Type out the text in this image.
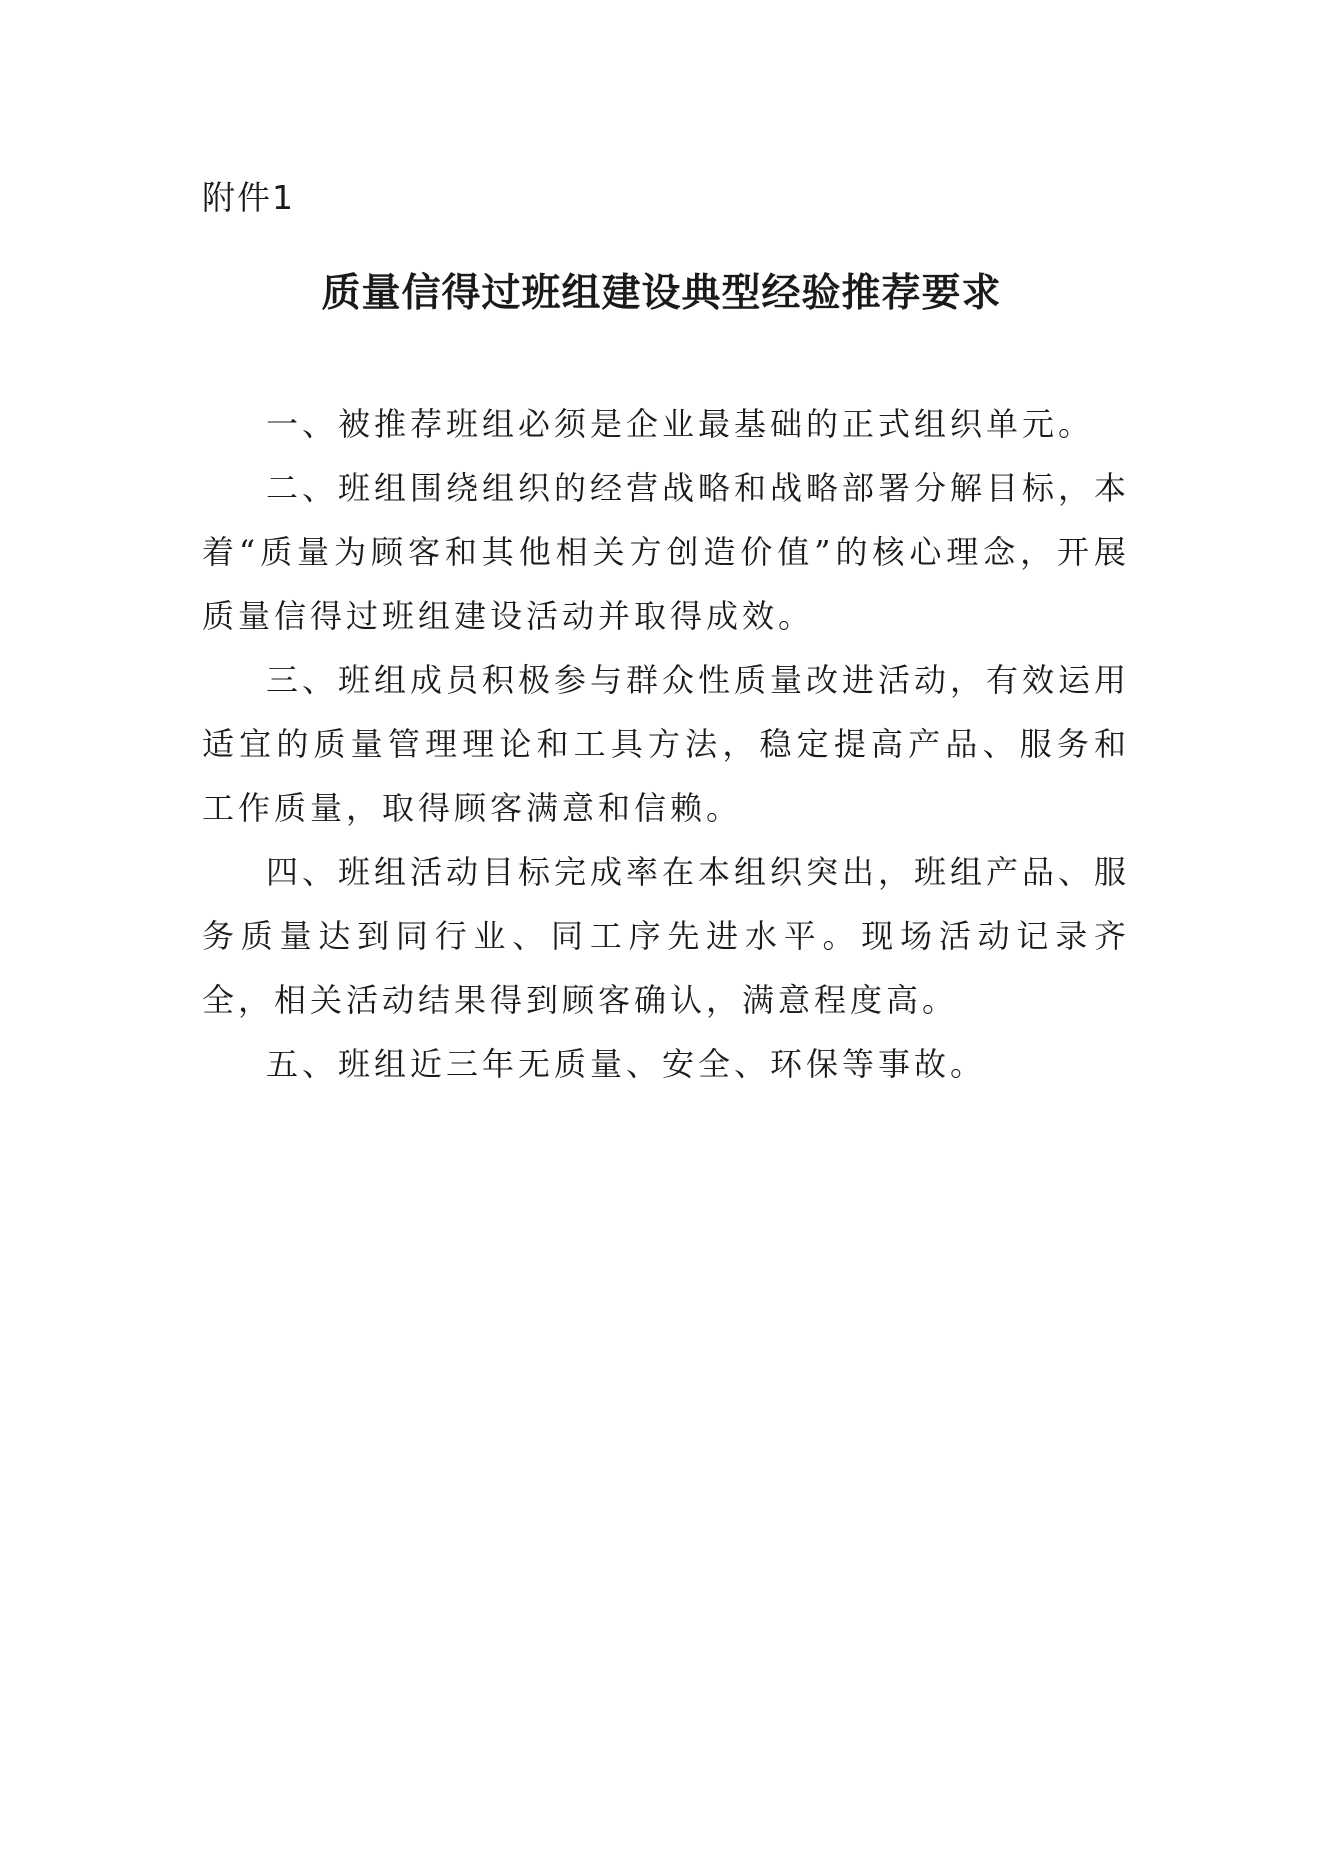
附件1
质量信得过班组建设典型经验推荐要求

一、被推荐班组必须是企业最基础的正式组织单元。

二、班组围绕组织的经营战略和战略部署分解目标，本着“质量为顾客和其他相关方创造价值”的核心理念，开展质量信得过班组建设活动并取得成效。

三、班组成员积极参与群众性质量改进活动，有效运用适宜的质量管理理论和工具方法，稳定提高产品、服务和工作质量，取得顾客满意和信赖。

四、班组活动目标完成率在本组织突出，班组产品、服务质量达到同行业、同工序先进水平。现场活动记录齐全，相关活动结果得到顾客确认，满意程度高。

五、班组近三年无质量、安全、环保等事故。
